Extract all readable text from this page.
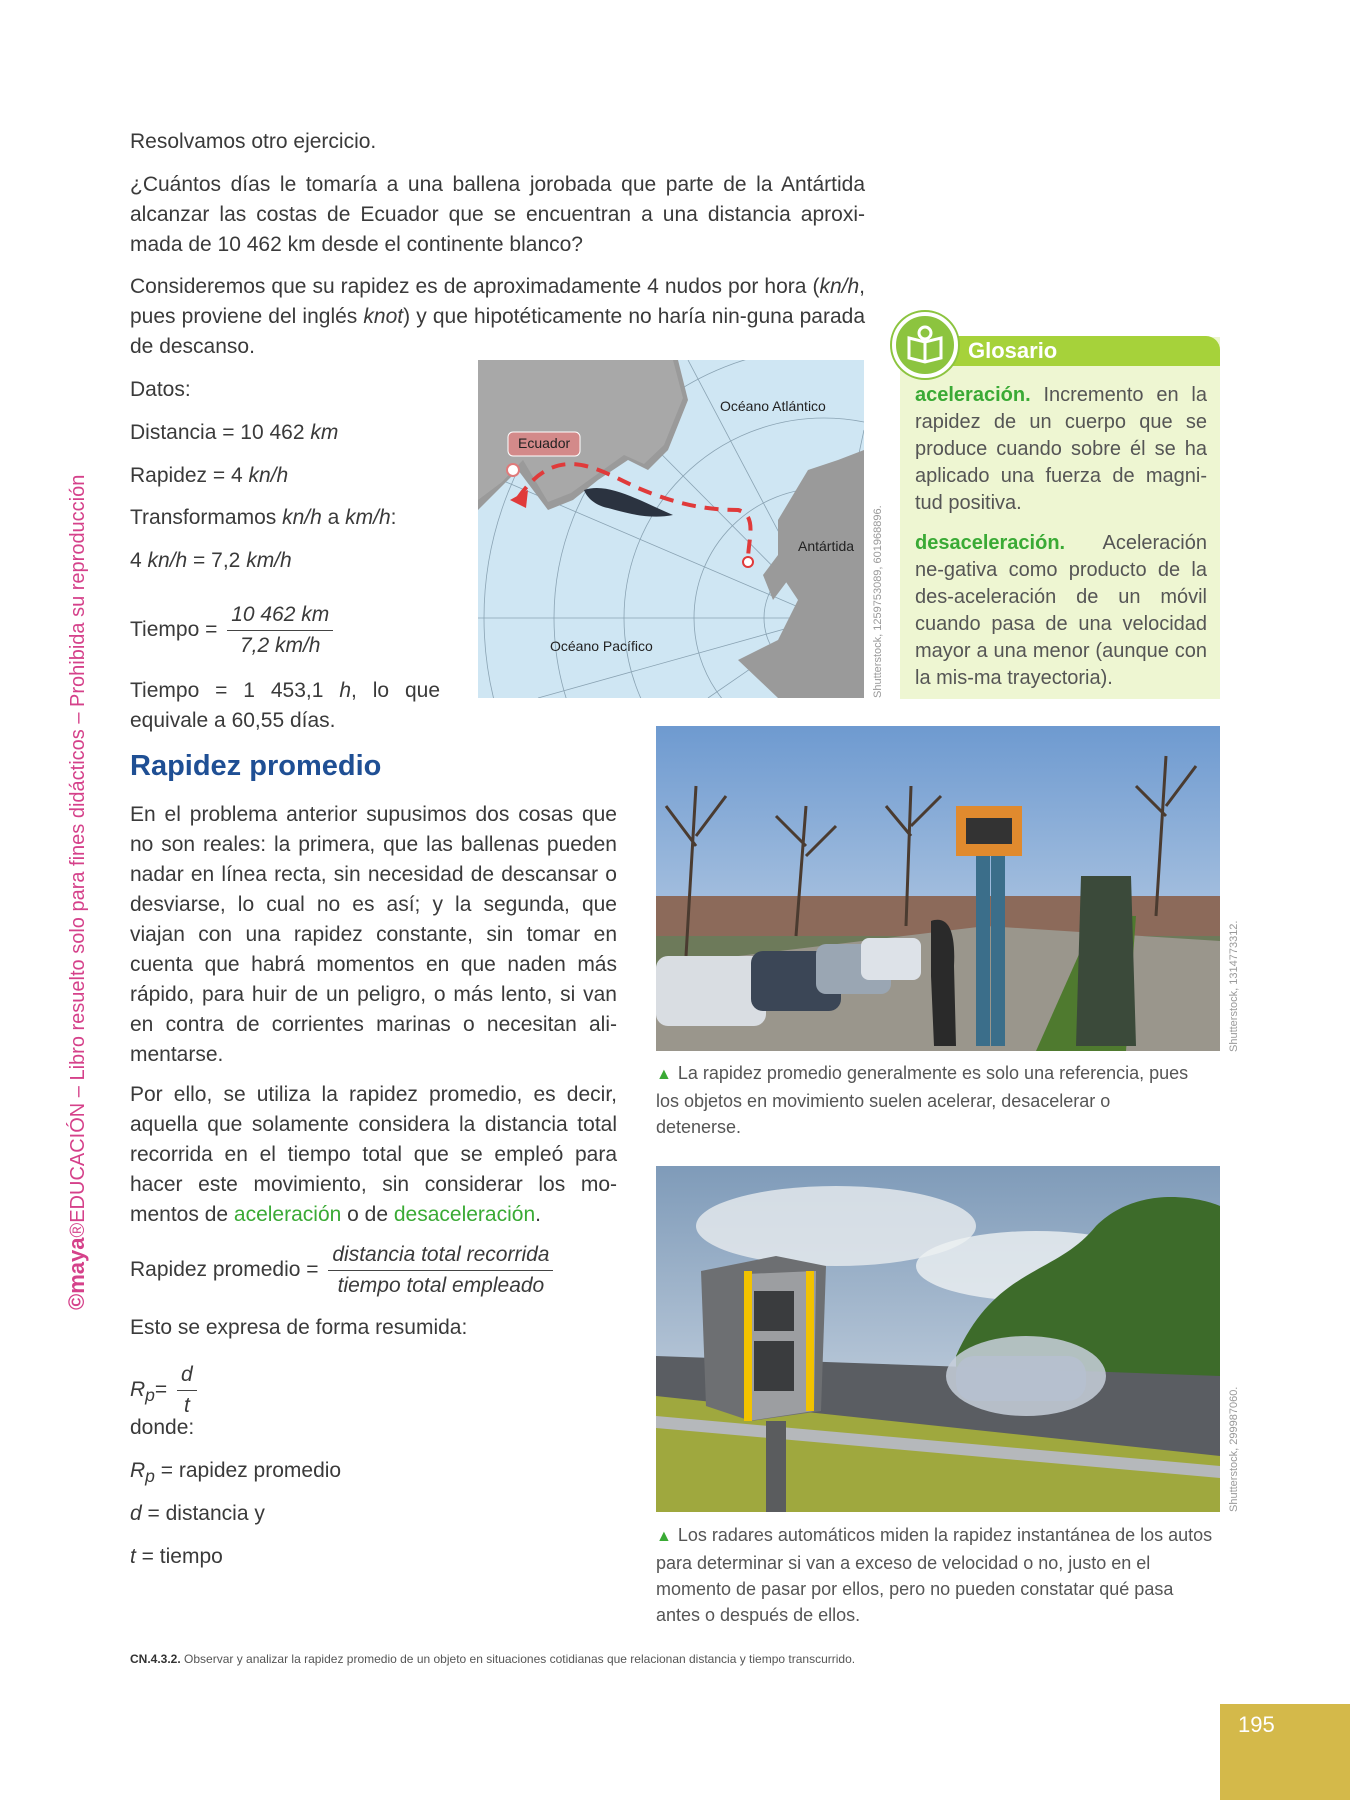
©maya®EDUCACIÓN – Libro resuelto solo para fines didácticos – Prohibida su reproducción
Resolvamos otro ejercicio.
¿Cuántos días le tomaría a una ballena jorobada que parte de la Antártida alcanzar las costas de Ecuador que se encuentran a una distancia aproxi-mada de 10 462 km desde el continente blanco?
Consideremos que su rapidez es de aproximadamente 4 nudos por hora (kn/h, pues proviene del inglés knot) y que hipotéticamente no haría nin-guna parada de descanso.
Datos:
Distancia = 10 462 km
Rapidez = 4 kn/h
Transformamos kn/h a km/h:
4 kn/h = 7,2 km/h
Tiempo = $\frac{10 462 km}{7,2 km/h}$
Tiempo = 1 453,1 h, lo que equivale a 60,55 días.
Ecuador
Océano Atlántico
Antártida
Océano Pacífico	Shutterstock, 1259753089, 601968896.
Glosario
aceleración. Incremento en la rapidez de un cuerpo que se produce cuando sobre él se ha aplicado una fuerza de magni-tud positiva.
desaceleración. Aceleración ne-gativa como producto de la des-aceleración de un móvil cuando pasa de una velocidad mayor a una menor (aunque con la mis-ma trayectoria).
Rapidez promedio
En el problema anterior supusimos dos cosas que no son reales: la primera, que las ballenas pueden nadar en línea recta, sin necesidad de descansar o desviarse, lo cual no es así; y la segunda, que viajan con una rapidez constante, sin tomar en cuenta que habrá momentos en que naden más rápido, para huir de un peligro, o más lento, si van en contra de corrientes marinas o necesitan ali-mentarse.
Por ello, se utiliza la rapidez promedio, es decir, aquella que solamente considera la distancia total recorrida en el tiempo total que se empleó para hacer este movimiento, sin considerar los mo-mentos de aceleración o de desaceleración.
Rapidez promedio = $\frac{\text{distancia total recorrida}}{\text{tiempo total empleado}}$
Esto se expresa de forma resumida:
$R_p= \frac{d}{t}$
donde:
$R_p$ = rapidez promedio
d = distancia y
t = tiempo
Shutterstock, 1314773312.
▲ La rapidez promedio generalmente es solo una referencia, pues los objetos en movimiento suelen acelerar, desacelerar o detenerse.
Shutterstock, 299987060.
▲ Los radares automáticos miden la rapidez instantánea de los autos para determinar si van a exceso de velocidad o no, justo en el momento de pasar por ellos, pero no pueden constatar qué pasa antes o después de ellos.
CN.4.3.2. Observar y analizar la rapidez promedio de un objeto en situaciones cotidianas que relacionan distancia y tiempo transcurrido.
195
